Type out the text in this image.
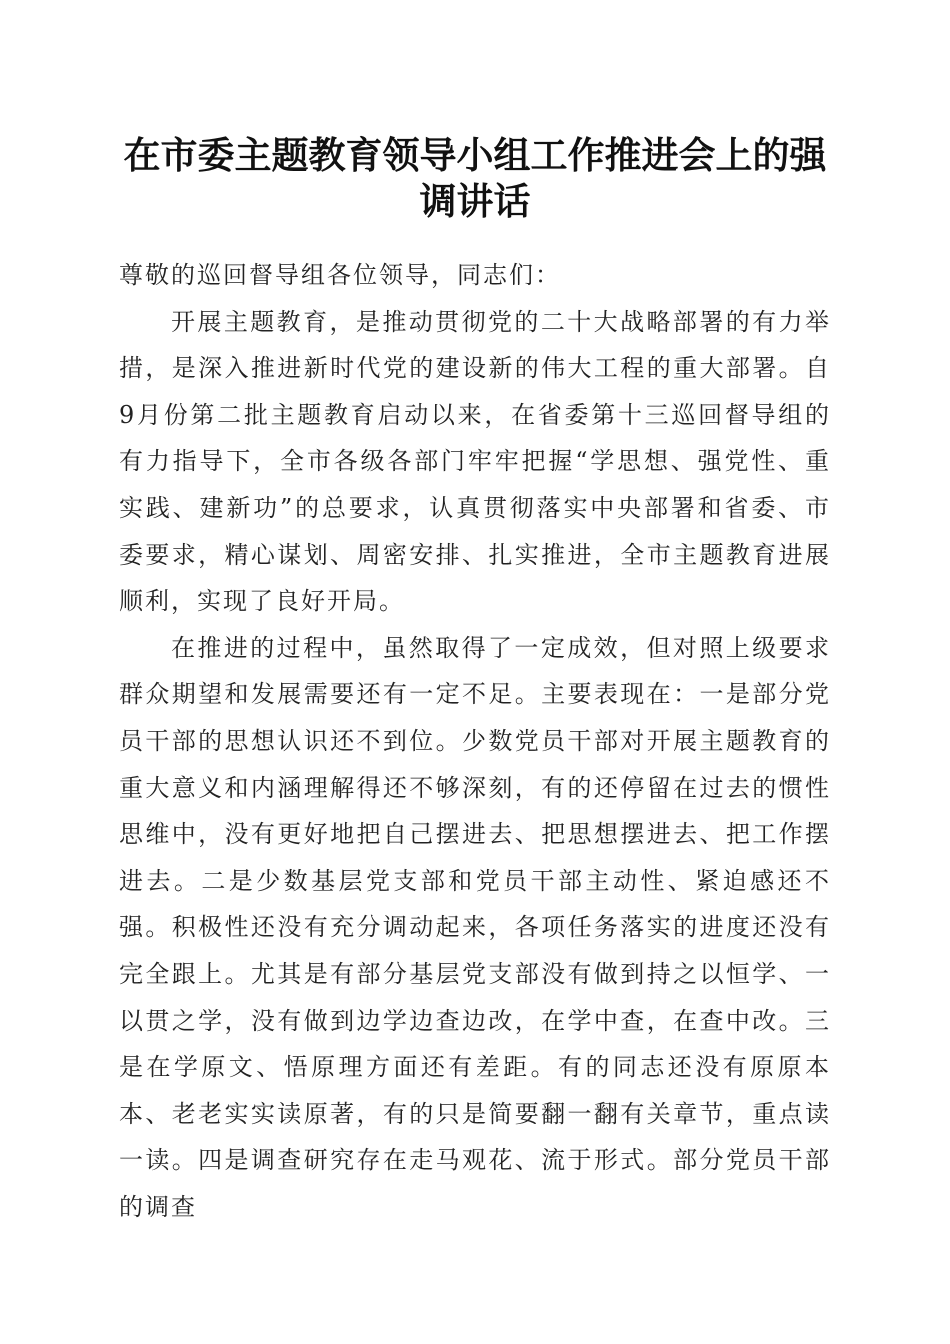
在市委主题教育领导小组工作推进会上的强调讲话

尊敬的巡回督导组各位领导，同志们：

开展主题教育，是推动贯彻党的二十大战略部署的有力举措，是深入推进新时代党的建设新的伟大工程的重大部署。自9月份第二批主题教育启动以来，在省委第十三巡回督导组的有力指导下，全市各级各部门牢牢把握“学思想、强党性、重实践、建新功”的总要求，认真贯彻落实中央部署和省委、市委要求，精心谋划、周密安排、扎实推进，全市主题教育进展顺利，实现了良好开局。

在推进的过程中，虽然取得了一定成效，但对照上级要求群众期望和发展需要还有一定不足。主要表现在：一是部分党员干部的思想认识还不到位。少数党员干部对开展主题教育的重大意义和内涵理解得还不够深刻，有的还停留在过去的惯性思维中，没有更好地把自己摆进去、把思想摆进去、把工作摆进去。二是少数基层党支部和党员干部主动性、紧迫感还不强。积极性还没有充分调动起来，各项任务落实的进度还没有完全跟上。尤其是有部分基层党支部没有做到持之以恒学、一以贯之学，没有做到边学边查边改，在学中查，在查中改。三是在学原文、悟原理方面还有差距。有的同志还没有原原本本、老老实实读原著，有的只是简要翻一翻有关章节，重点读一读。四是调查研究存在走马观花、流于形式。部分党员干部的调查
